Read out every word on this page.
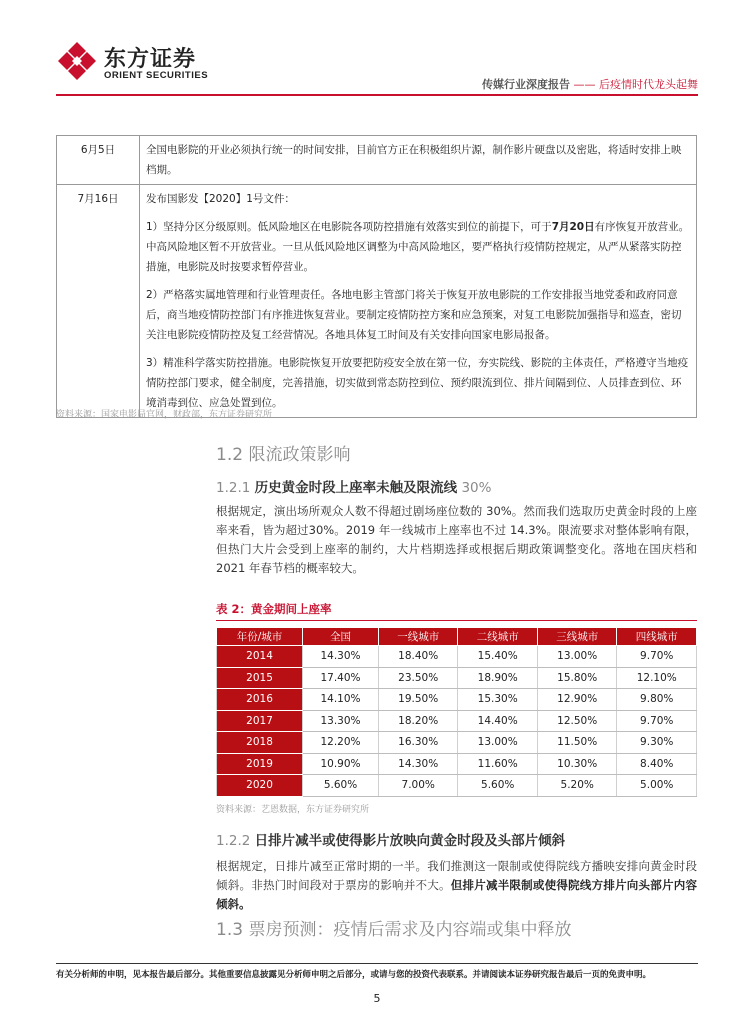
东方证券
ORIENT SECURITIES
传媒行业深度报告 —— 后疫情时代龙头起舞
6月5日	全国电影院的开业必须执行统一的时间安排，目前官方正在积极组织片源，制作影片硬盘以及密匙，将适时安排上映档期。
7月16日	发布国影发【2020】1号文件：

1）坚持分区分级原则。低风险地区在电影院各项防控措施有效落实到位的前提下，可于7月20日有序恢复开放营业。中高风险地区暂不开放营业。一旦从低风险地区调整为中高风险地区，要严格执行疫情防控规定，从严从紧落实防控措施，电影院及时按要求暂停营业。

2）严格落实属地管理和行业管理责任。各地电影主管部门将关于恢复开放电影院的工作安排报当地党委和政府同意后，商当地疫情防控部门有序推进恢复营业。要制定疫情防控方案和应急预案，对复工电影院加强指导和巡查，密切关注电影院疫情防控及复工经营情况。各地具体复工时间及有关安排向国家电影局报备。

3）精准科学落实防控措施。电影院恢复开放要把防疫安全放在第一位，夯实院线、影院的主体责任，严格遵守当地疫情防控部门要求，健全制度，完善措施，切实做到常态防控到位、预约限流到位、排片间隔到位、人员排查到位、环境消毒到位、应急处置到位。

资料来源：国家电影局官网，财政部，东方证券研究所
1.2 限流政策影响
1.2.1 历史黄金时段上座率未触及限流线 30%
根据规定，演出场所观众人数不得超过剧场座位数的 30%。然而我们选取历史黄金时段的上座率来看，皆为超过30%。2019 年一线城市上座率也不过 14.3%。限流要求对整体影响有限，但热门大片会受到上座率的制约，大片档期选择或根据后期政策调整变化。落地在国庆档和 2021 年春节档的概率较大。
表 2：黄金期间上座率
年份/城市	全国	一线城市	二线城市	三线城市	四线城市
2014	14.30%	18.40%	15.40%	13.00%	9.70%
2015	17.40%	23.50%	18.90%	15.80%	12.10%
2016	14.10%	19.50%	15.30%	12.90%	9.80%
2017	13.30%	18.20%	14.40%	12.50%	9.70%
2018	12.20%	16.30%	13.00%	11.50%	9.30%
2019	10.90%	14.30%	11.60%	10.30%	8.40%
2020	5.60%	7.00%	5.60%	5.20%	5.00%
资料来源：艺恩数据，东方证券研究所
1.2.2 日排片减半或使得影片放映向黄金时段及头部片倾斜
根据规定，日排片减至正常时期的一半。我们推测这一限制或使得院线方播映安排向黄金时段倾斜。非热门时间段对于票房的影响并不大。但排片减半限制或使得院线方排片向头部片内容倾斜。
1.3 票房预测：疫情后需求及内容端或集中释放
有关分析师的申明，见本报告最后部分。其他重要信息披露见分析师申明之后部分，或请与您的投资代表联系。并请阅读本证券研究报告最后一页的免责申明。
5
